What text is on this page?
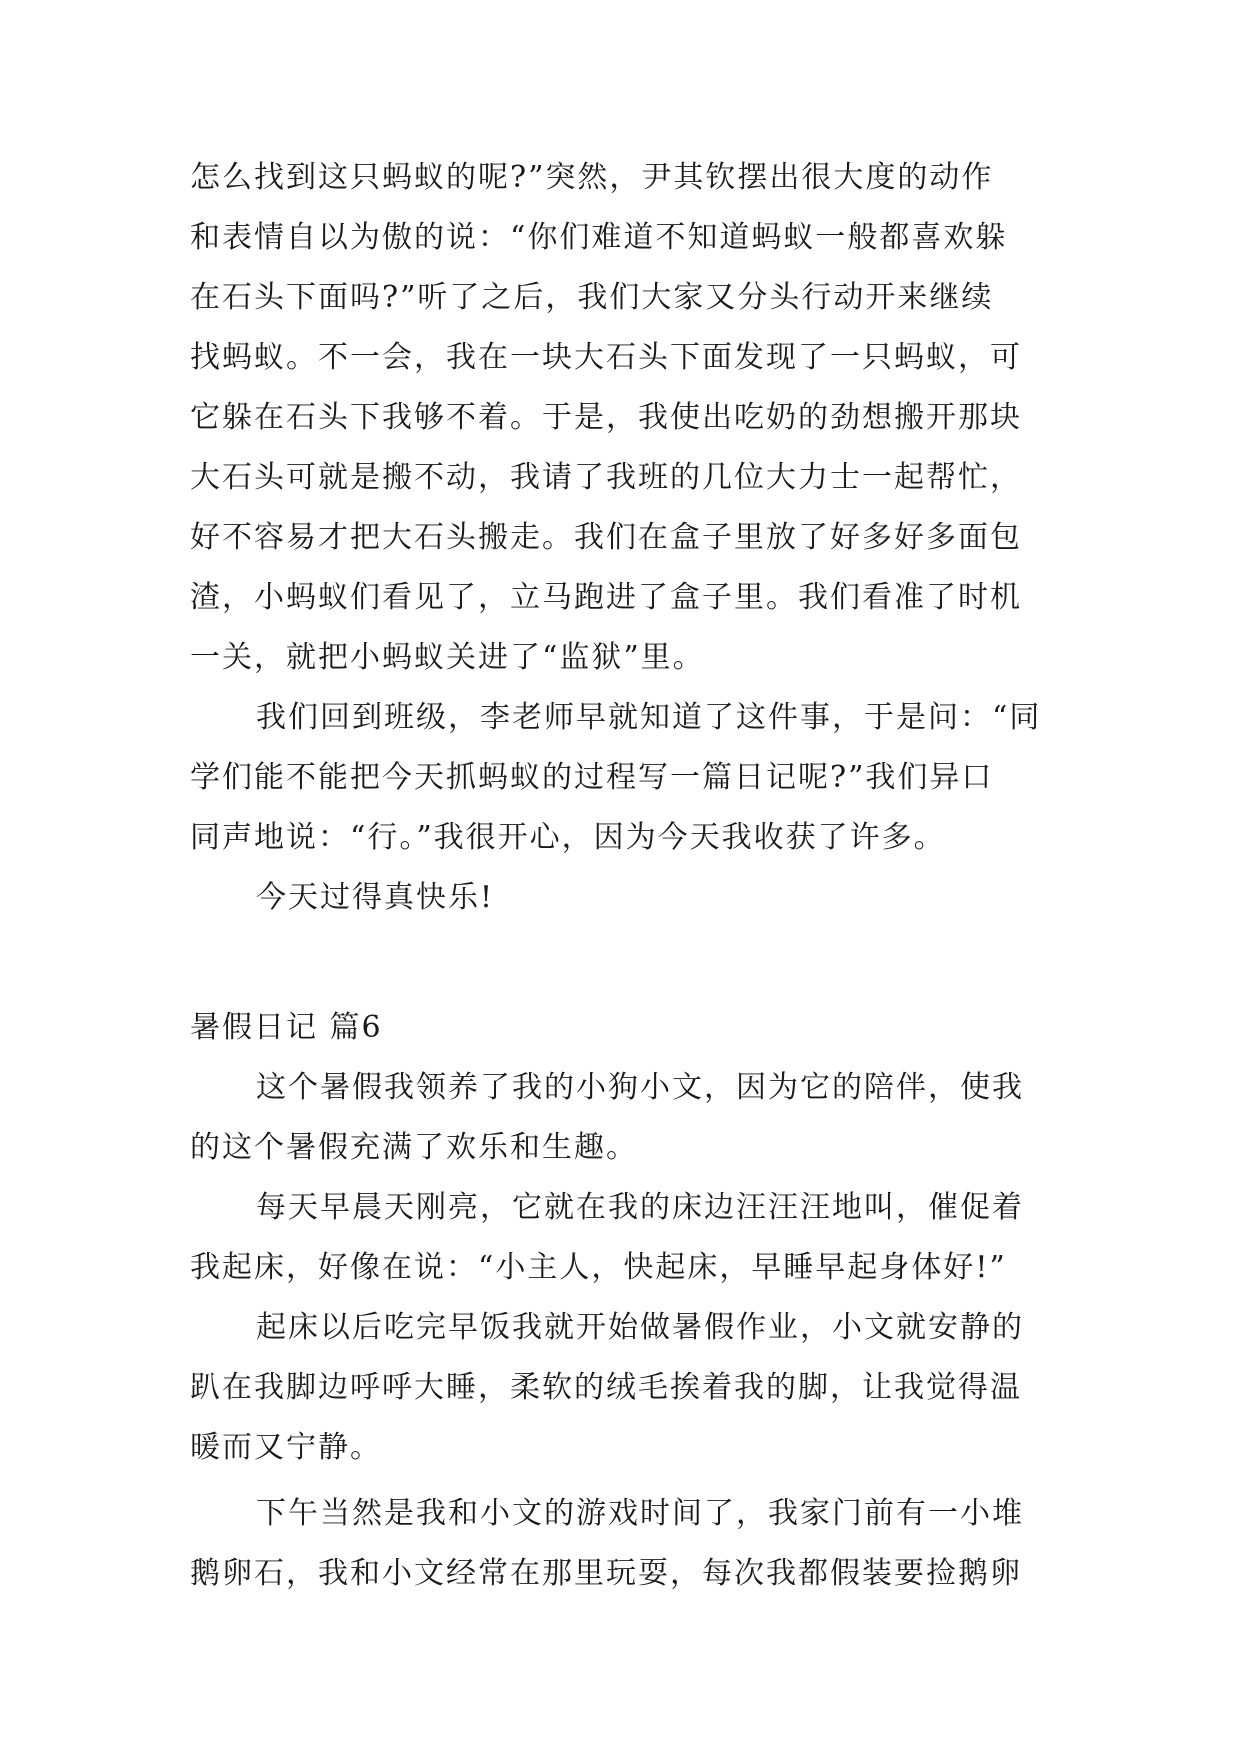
怎么找到这只蚂蚁的呢?”突然，尹其钦摆出很大度的动作
和表情自以为傲的说：“你们难道不知道蚂蚁一般都喜欢躲
在石头下面吗?”听了之后，我们大家又分头行动开来继续
找蚂蚁。不一会，我在一块大石头下面发现了一只蚂蚁，可
它躲在石头下我够不着。于是，我使出吃奶的劲想搬开那块
大石头可就是搬不动，我请了我班的几位大力士一起帮忙，
好不容易才把大石头搬走。我们在盒子里放了好多好多面包
渣，小蚂蚁们看见了，立马跑进了盒子里。我们看准了时机
一关，就把小蚂蚁关进了“监狱”里。
我们回到班级，李老师早就知道了这件事，于是问：“同
学们能不能把今天抓蚂蚁的过程写一篇日记呢?”我们异口
同声地说：“行。”我很开心，因为今天我收获了许多。
今天过得真快乐!
暑假日记 篇6
这个暑假我领养了我的小狗小文，因为它的陪伴，使我
的这个暑假充满了欢乐和生趣。
每天早晨天刚亮，它就在我的床边汪汪汪地叫，催促着
我起床，好像在说：“小主人，快起床，早睡早起身体好!”
起床以后吃完早饭我就开始做暑假作业，小文就安静的
趴在我脚边呼呼大睡，柔软的绒毛挨着我的脚，让我觉得温
暖而又宁静。
下午当然是我和小文的游戏时间了，我家门前有一小堆
鹅卵石，我和小文经常在那里玩耍，每次我都假装要捡鹅卵
